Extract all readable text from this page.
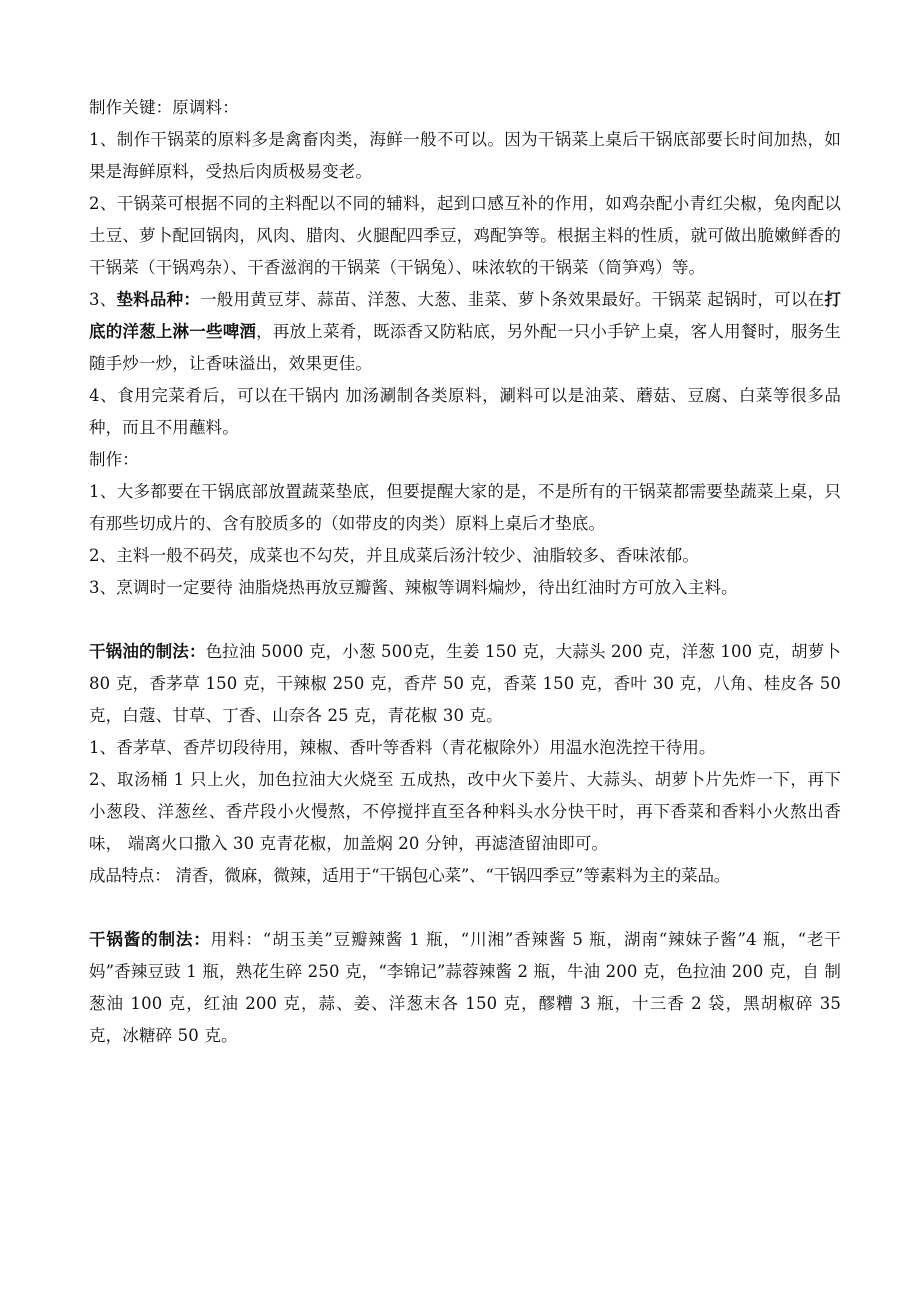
制作关键：原调料：

1、制作干锅菜的原料多是禽畜肉类，海鲜一般不可以。因为干锅菜上桌后干锅底部要长时间加热，如果是海鲜原料，受热后肉质极易变老。

2、干锅菜可根据不同的主料配以不同的辅料，起到口感互补的作用，如鸡杂配小青红尖椒，兔肉配以土豆、萝卜配回锅肉，风肉、腊肉、火腿配四季豆，鸡配笋等。根据主料的性质，就可做出脆嫩鲜香的干锅菜（干锅鸡杂）、干香滋润的干锅菜（干锅兔）、味浓软的干锅菜（筒笋鸡）等。

3、垫料品种：一般用黄豆芽、蒜苗、洋葱、大葱、韭菜、萝卜条效果最好。干锅菜 起锅时，可以在打底的洋葱上淋一些啤酒，再放上菜肴，既添香又防粘底，另外配一只小手铲上桌，客人用餐时，服务生随手炒一炒，让香味溢出，效果更佳。

4、食用完菜肴后，可以在干锅内 加汤涮制各类原料，涮料可以是油菜、蘑菇、豆腐、白菜等很多品种，而且不用蘸料。

制作：

1、大多都要在干锅底部放置蔬菜垫底，但要提醒大家的是，不是所有的干锅菜都需要垫蔬菜上桌，只有那些切成片的、含有胶质多的（如带皮的肉类）原料上桌后才垫底。

2、主料一般不码芡，成菜也不勾芡，并且成菜后汤汁较少、油脂较多、香味浓郁。

3、烹调时一定要待 油脂烧热再放豆瓣酱、辣椒等调料煸炒，待出红油时方可放入主料。

干锅油的制法：色拉油 5000 克，小葱 500克，生姜 150 克，大蒜头 200 克，洋葱 100 克，胡萝卜 80 克，香茅草 150 克，干辣椒 250 克，香芹 50 克，香菜 150 克，香叶 30 克，八角、桂皮各 50 克，白蔻、甘草、丁香、山奈各 25 克，青花椒 30 克。

1、香茅草、香芹切段待用，辣椒、香叶等香料（青花椒除外）用温水泡洗控干待用。

2、取汤桶 1 只上火，加色拉油大火烧至 五成热，改中火下姜片、大蒜头、胡萝卜片先炸一下，再下小葱段、洋葱丝、香芹段小火慢熬，不停搅拌直至各种料头水分快干时，再下香菜和香料小火熬出香味， 端离火口撒入 30 克青花椒，加盖焖 20 分钟，再滤渣留油即可。

成品特点： 清香，微麻，微辣，适用于“干锅包心菜”、“干锅四季豆”等素料为主的菜品。

干锅酱的制法：用料：“胡玉美”豆瓣辣酱 1 瓶，“川湘”香辣酱 5 瓶，湖南“辣妹子酱”4 瓶，“老干妈”香辣豆豉 1 瓶，熟花生碎 250 克，“李锦记”蒜蓉辣酱 2 瓶，牛油 200 克，色拉油 200 克，自 制葱油 100 克，红油 200 克，蒜、姜、洋葱末各 150 克，醪糟 3 瓶，十三香 2 袋，黑胡椒碎 35 克，冰糖碎 50 克。
